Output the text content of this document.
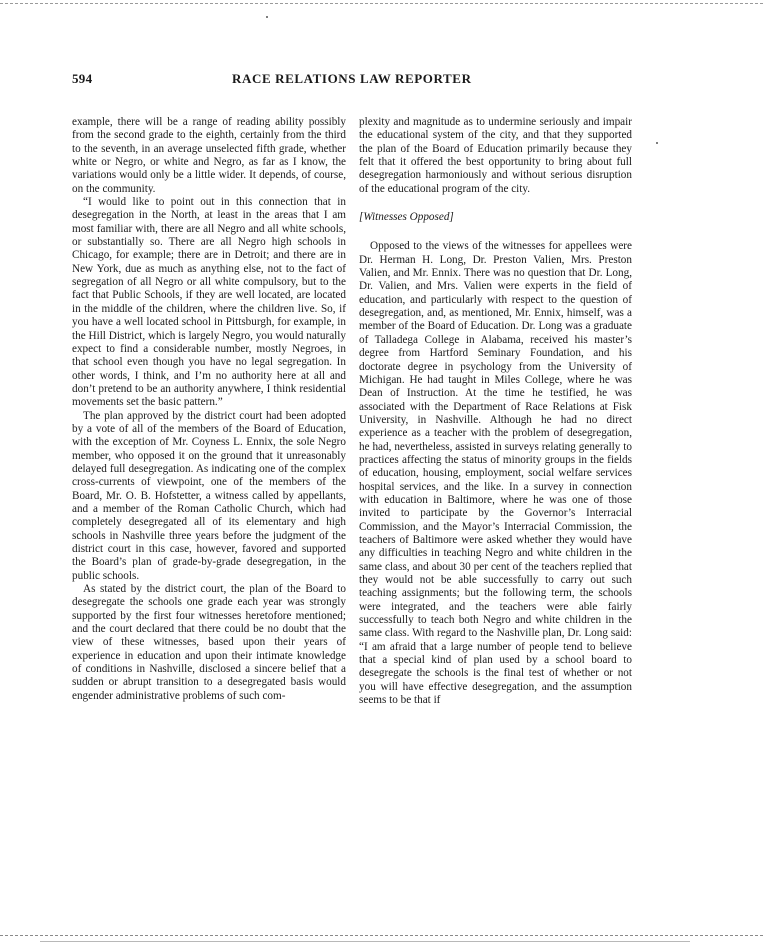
594	RACE RELATIONS LAW REPORTER

example, there will be a range of reading ability possibly from the second grade to the eighth, certainly from the third to the seventh, in an average unselected fifth grade, whether white or Negro, or white and Negro, as far as I know, the variations would only be a little wider. It depends, of course, on the community.

“I would like to point out in this connection that in desegregation in the North, at least in the areas that I am most familiar with, there are all Negro and all white schools, or substantially so. There are all Negro high schools in Chicago, for example; there are in Detroit; and there are in New York, due as much as anything else, not to the fact of segregation of all Negro or all white compulsory, but to the fact that Public Schools, if they are well located, are located in the middle of the children, where the children live. So, if you have a well located school in Pittsburgh, for example, in the Hill District, which is largely Negro, you would naturally expect to find a considerable number, mostly Negroes, in that school even though you have no legal segregation. In other words, I think, and I’m no authority here at all and don’t pretend to be an authority anywhere, I think residential movements set the basic pattern.”

The plan approved by the district court had been adopted by a vote of all of the members of the Board of Education, with the exception of Mr. Coyness L. Ennix, the sole Negro member, who opposed it on the ground that it unreasonably delayed full desegregation. As indicating one of the complex cross-currents of viewpoint, one of the members of the Board, Mr. O. B. Hofstetter, a witness called by appellants, and a member of the Roman Catholic Church, which had completely desegregated all of its elementary and high schools in Nashville three years before the judgment of the district court in this case, however, favored and supported the Board’s plan of grade-by-grade desegregation, in the public schools.

As stated by the district court, the plan of the Board to desegregate the schools one grade each year was strongly supported by the first four witnesses heretofore mentioned; and the court declared that there could be no doubt that the view of these witnesses, based upon their years of experience in education and upon their intimate knowledge of conditions in Nashville, disclosed a sincere belief that a sudden or abrupt transition to a desegregated basis would engender administrative problems of such com-

plexity and magnitude as to undermine seriously and impair the educational system of the city, and that they supported the plan of the Board of Education primarily because they felt that it offered the best opportunity to bring about full desegregation harmoniously and without serious disruption of the educational program of the city.

[Witnesses Opposed]

Opposed to the views of the witnesses for appellees were Dr. Herman H. Long, Dr. Preston Valien, Mrs. Preston Valien, and Mr. Ennix. There was no question that Dr. Long, Dr. Valien, and Mrs. Valien were experts in the field of education, and particularly with respect to the question of desegregation, and, as mentioned, Mr. Ennix, himself, was a member of the Board of Education. Dr. Long was a graduate of Talladega College in Alabama, received his master’s degree from Hartford Seminary Foundation, and his doctorate degree in psychology from the University of Michigan. He had taught in Miles College, where he was Dean of Instruction. At the time he testified, he was associated with the Department of Race Relations at Fisk University, in Nashville. Although he had no direct experience as a teacher with the problem of desegregation, he had, nevertheless, assisted in surveys relating generally to practices affecting the status of minority groups in the fields of education, housing, employment, social welfare services hospital services, and the like. In a survey in connection with education in Baltimore, where he was one of those invited to participate by the Governor’s Interracial Commission, and the Mayor’s Interracial Commission, the teachers of Baltimore were asked whether they would have any difficulties in teaching Negro and white children in the same class, and about 30 per cent of the teachers replied that they would not be able successfully to carry out such teaching assignments; but the following term, the schools were integrated, and the teachers were able fairly successfully to teach both Negro and white children in the same class. With regard to the Nashville plan, Dr. Long said: “I am afraid that a large number of people tend to believe that a special kind of plan used by a school board to desegregate the schools is the final test of whether or not you will have effective desegregation, and the assumption seems to be that if
